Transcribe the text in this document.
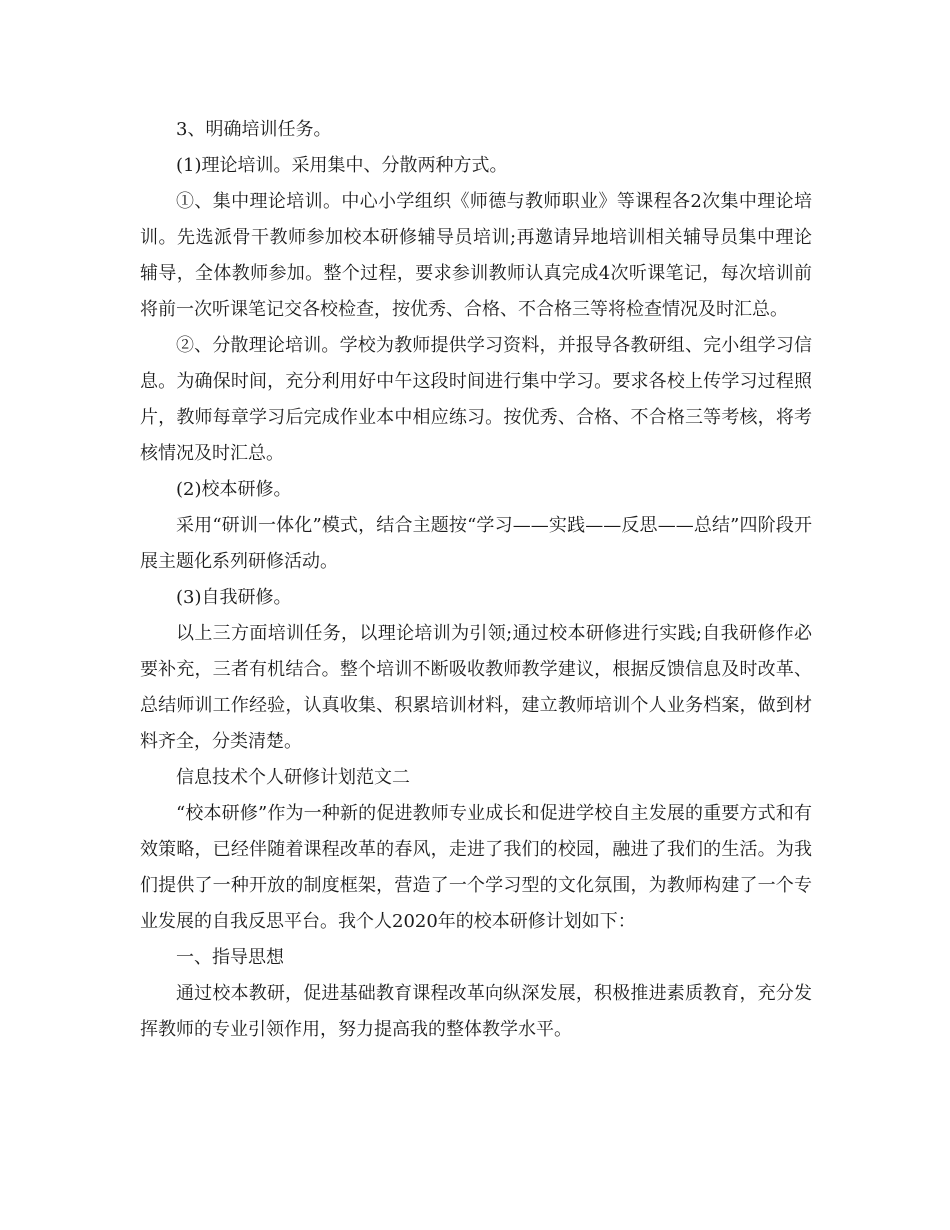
3、明确培训任务。

(1)理论培训。采用集中、分散两种方式。

①、集中理论培训。中心小学组织《师德与教师职业》等课程各2次集中理论培训。先选派骨干教师参加校本研修辅导员培训;再邀请异地培训相关辅导员集中理论辅导，全体教师参加。整个过程，要求参训教师认真完成4次听课笔记，每次培训前将前一次听课笔记交各校检查，按优秀、合格、不合格三等将检查情况及时汇总。

②、分散理论培训。学校为教师提供学习资料，并报导各教研组、完小组学习信息。为确保时间，充分利用好中午这段时间进行集中学习。要求各校上传学习过程照片，教师每章学习后完成作业本中相应练习。按优秀、合格、不合格三等考核，将考核情况及时汇总。

(2)校本研修。

采用“研训一体化”模式，结合主题按“学习——实践——反思——总结”四阶段开展主题化系列研修活动。

(3)自我研修。

以上三方面培训任务，以理论培训为引领;通过校本研修进行实践;自我研修作必要补充，三者有机结合。整个培训不断吸收教师教学建议，根据反馈信息及时改革、总结师训工作经验，认真收集、积累培训材料，建立教师培训个人业务档案，做到材料齐全，分类清楚。

信息技术个人研修计划范文二

“校本研修”作为一种新的促进教师专业成长和促进学校自主发展的重要方式和有效策略，已经伴随着课程改革的春风，走进了我们的校园，融进了我们的生活。为我们提供了一种开放的制度框架，营造了一个学习型的文化氛围，为教师构建了一个专业发展的自我反思平台。我个人2020年的校本研修计划如下：

一、指导思想

通过校本教研，促进基础教育课程改革向纵深发展，积极推进素质教育，充分发挥教师的专业引领作用，努力提高我的整体教学水平。
